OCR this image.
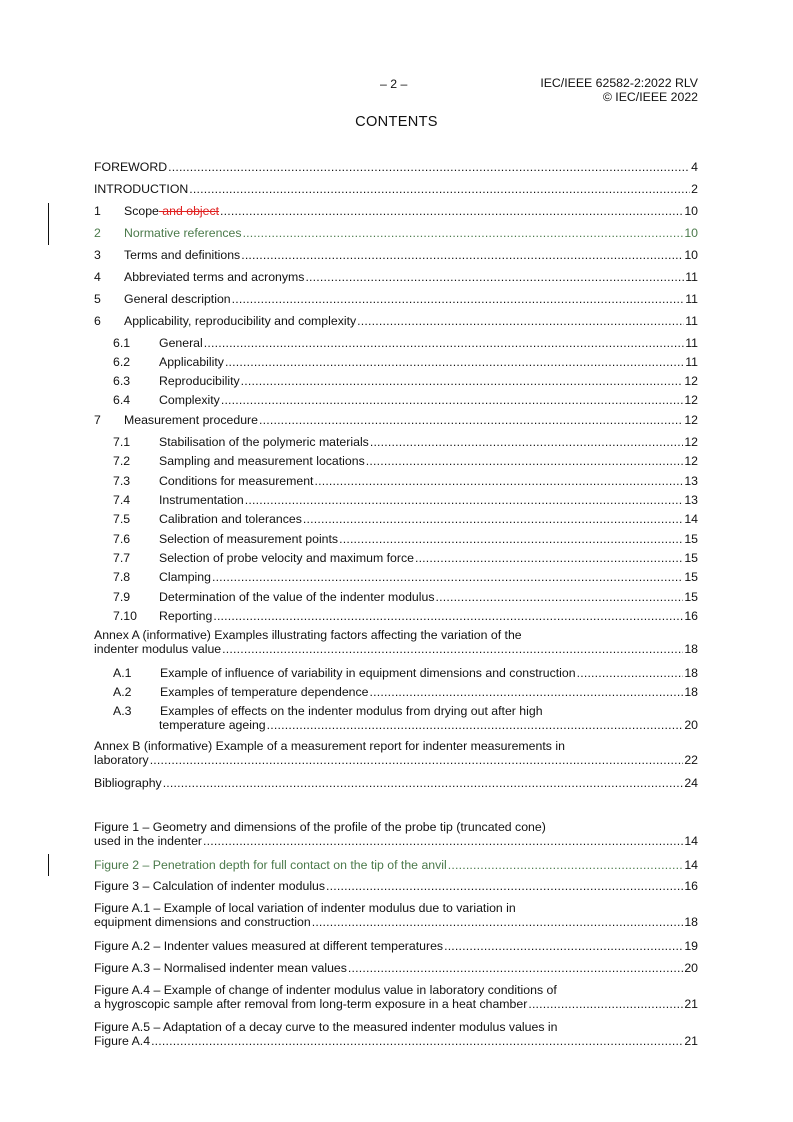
– 2 –	IEC/IEEE 62582-2:2022 RLV
© IEC/IEEE 2022
CONTENTS
FOREWORD .....	4
INTRODUCTION .....	2
1	Scope and object .....	10
2	Normative references .....	10
3	Terms and definitions .....	10
4	Abbreviated terms and acronyms .....	11
5	General description .....	11
6	Applicability, reproducibility and complexity .....	11
6.1	General .....	11
6.2	Applicability .....	11
6.3	Reproducibility .....	12
6.4	Complexity .....	12
7	Measurement procedure .....	12
7.1	Stabilisation of the polymeric materials .....	12
7.2	Sampling and measurement locations .....	12
7.3	Conditions for measurement .....	13
7.4	Instrumentation .....	13
7.5	Calibration and tolerances .....	14
7.6	Selection of measurement points .....	15
7.7	Selection of probe velocity and maximum force .....	15
7.8	Clamping .....	15
7.9	Determination of the value of the indenter modulus .....	15
7.10	Reporting .....	16
Annex A (informative) Examples illustrating factors affecting the variation of the
indenter modulus value .....	18
A.1	Example of influence of variability in equipment dimensions and construction .....	18
A.2	Examples of temperature dependence .....	18
A.3	Examples of effects on the indenter modulus from drying out after high
temperature ageing .....	20
Annex B (informative) Example of a measurement report for indenter measurements in
laboratory .....	22
Bibliography .....	24
Figure 1 – Geometry and dimensions of the profile of the probe tip (truncated cone)
used in the indenter .....	14
Figure 2 – Penetration depth for full contact on the tip of the anvil .....	14
Figure 3 – Calculation of indenter modulus .....	16
Figure A.1 – Example of local variation of indenter modulus due to variation in
equipment dimensions and construction .....	18
Figure A.2 – Indenter values measured at different temperatures .....	19
Figure A.3 – Normalised indenter mean values .....	20
Figure A.4 – Example of change of indenter modulus value in laboratory conditions of
a hygroscopic sample after removal from long-term exposure in a heat chamber .....	21
Figure A.5 – Adaptation of a decay curve to the measured indenter modulus values in
Figure A.4 .....	21
